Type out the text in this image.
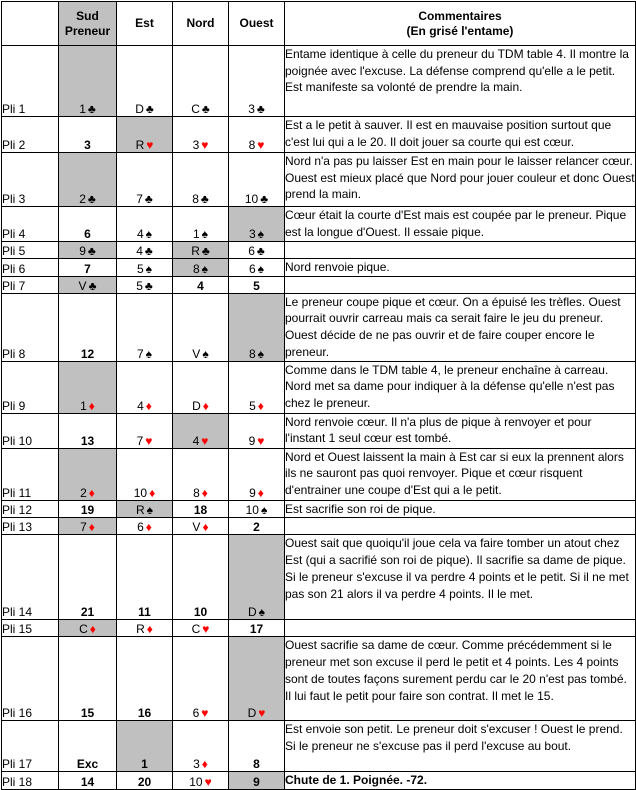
	Sud
Preneur	Est	Nord	Ouest	Commentaires
(En grisé l'entame)
Pli 1	1 ♣	D ♣	C ♣	3 ♣	Entame identique à celle du preneur du TDM table 4. Il montre la poignée avec l'excuse. La défense comprend qu'elle a le petit. Est manifeste sa volonté de prendre la main.
Pli 2	3	R ♥	3 ♥	8 ♥	Est a le petit à sauver. Il est en mauvaise position surtout que c'est lui qui a le 20. Il doit jouer sa courte qui est cœur.
Pli 3	2 ♣	7 ♣	8 ♣	10 ♣	Nord n'a pas pu laisser Est en main pour le laisser relancer cœur. Ouest est mieux placé que Nord pour jouer couleur et donc Ouest prend la main.
Pli 4	6	4 ♠	1 ♠	3 ♠	Cœur était la courte d'Est mais est coupée par le preneur. Pique est la longue d'Ouest. Il essaie pique.
Pli 5	9 ♣	4 ♣	R ♣	6 ♣	
Pli 6	7	5 ♠	8 ♠	6 ♠	Nord renvoie pique.
Pli 7	V ♣	5 ♣	4	5	
Pli 8	12	7 ♠	V ♠	8 ♠	Le preneur coupe pique et cœur. On a épuisé les trèfles. Ouest pourrait ouvrir carreau mais ca serait faire le jeu du preneur. Ouest décide de ne pas ouvrir et de faire couper encore le preneur.
Pli 9	1 ♦	4 ♦	D ♦	5 ♦	Comme dans le TDM table 4, le preneur enchaîne à carreau. Nord met sa dame pour indiquer à la défense qu'elle n'est pas chez le preneur.
Pli 10	13	7 ♥	4 ♥	9 ♥	Nord renvoie cœur. Il n'a plus de pique à renvoyer et pour l'instant 1 seul cœur est tombé.
Pli 11	2 ♦	10 ♦	8 ♦	9 ♦	Nord et Ouest laissent la main à Est car si eux la prennent alors ils ne sauront pas quoi renvoyer. Pique et cœur risquent d'entrainer une coupe d'Est qui a le petit.
Pli 12	19	R ♠	18	10 ♠	Est sacrifie son roi de pique.
Pli 13	7 ♦	6 ♦	V ♦	2	
Pli 14	21	11	10	D ♠	Ouest sait que quoiqu'il joue cela va faire tomber un atout chez Est (qui a sacrifié son roi de pique). Il sacrifie sa dame de pique. Si le preneur s'excuse il va perdre 4 points et le petit. Si il ne met pas son 21 alors il va perdre 4 points. Il le met.
Pli 15	C ♦	R ♦	C ♥	17	
Pli 16	15	16	6 ♥	D ♥	Ouest sacrifie sa dame de cœur. Comme précédemment si le preneur met son excuse il perd le petit et 4 points. Les 4 points sont de toutes façons surement perdu car le 20 n'est pas tombé. Il lui faut le petit pour faire son contrat. Il met le 15.
Pli 17	Exc	1	3 ♦	8	Est envoie son petit. Le preneur doit s'excuser ! Ouest le prend. Si le preneur ne s'excuse pas il perd l'excuse au bout.
Pli 18	14	20	10 ♥	9	Chute de 1. Poignée. -72.
